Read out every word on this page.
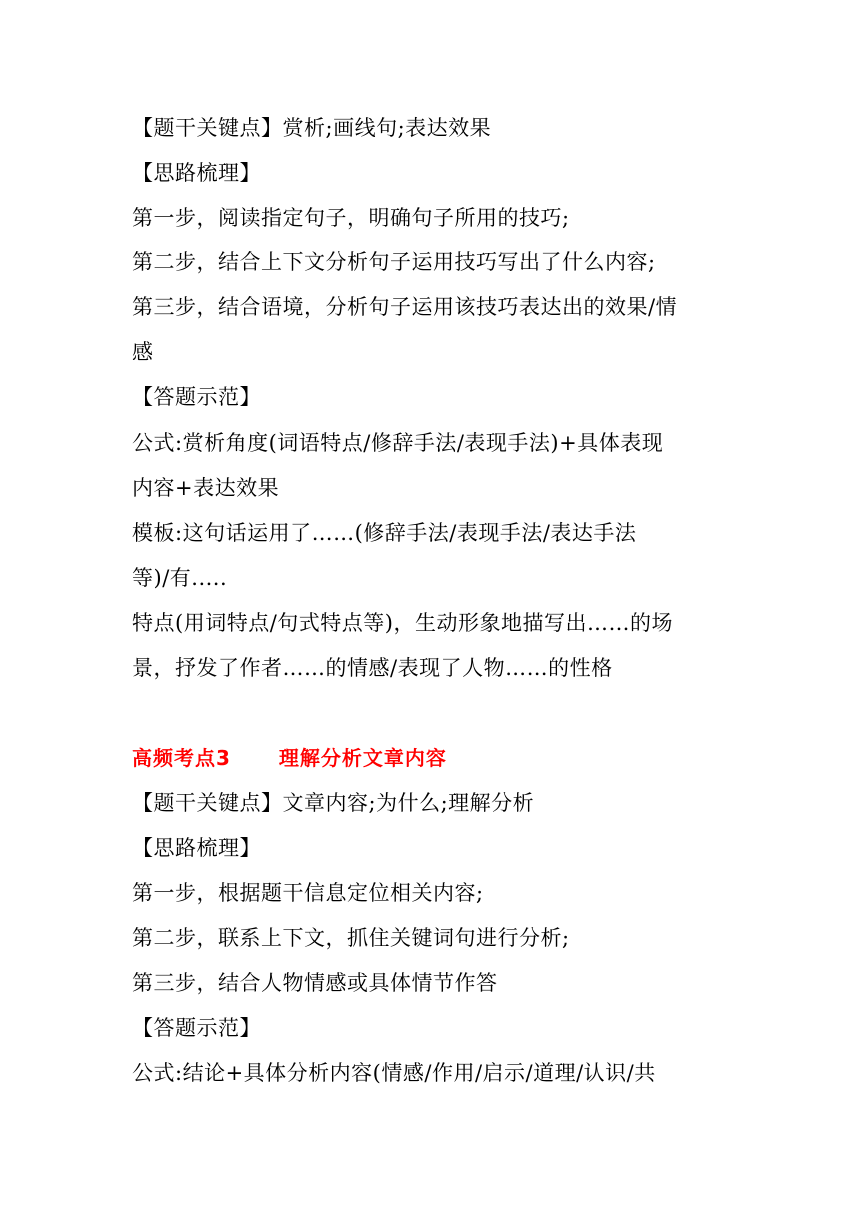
【题干关键点】赏析;画线句;表达效果
【思路梳理】
第一步，阅读指定句子，明确句子所用的技巧;
第二步，结合上下文分析句子运用技巧写出了什么内容;
第三步，结合语境，分析句子运用该技巧表达出的效果/情
感
【答题示范】
公式:赏析角度(词语特点/修辞手法/表现手法)+具体表现
内容+表达效果
模板:这句话运用了……(修辞手法/表现手法/表达手法
等)/有.....
特点(用词特点/句式特点等)，生动形象地描写出……的场
景，抒发了作者……的情感/表现了人物……的性格
高频考点3 理解分析文章内容
【题干关键点】文章内容;为什么;理解分析
【思路梳理】
第一步，根据题干信息定位相关内容;
第二步，联系上下文，抓住关键词句进行分析;
第三步，结合人物情感或具体情节作答
【答题示范】
公式:结论+具体分析内容(情感/作用/启示/道理/认识/共
